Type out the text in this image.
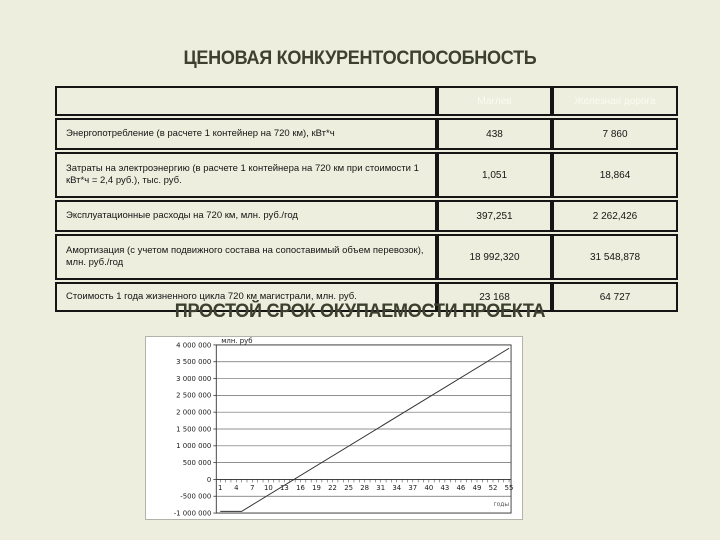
ЦЕНОВАЯ КОНКУРЕНТОСПОСОБНОСТЬ
	Маглев	Железная дорога
Энергопотребление (в расчете 1 контейнер на 720 км), кВт*ч	438	7 860
Затраты на электроэнергию (в расчете 1 контейнера на 720 км при стоимости 1 кВт*ч = 2,4 руб.), тыс. руб.	1,051	18,864
Эксплуатационные расходы на 720 км, млн. руб./год	397,251	2 262,426
Амортизация (с учетом подвижного состава на сопоставимый объем перевозок), млн. руб./год	18 992,320	31 548,878
Стоимость 1 года жизненного цикла 720 км магистрали, млн. руб.	23 168	64 727
ПРОСТОЙ СРОК ОКУПАЕМОСТИ ПРОЕКТА
4 000 000
3 500 000
3 000 000
2 500 000
2 000 000
1 500 000
1 000 000
500 000
0
-500 000
-1 000 000
1 4 7 10 13 16 19 22 25 28 31 34 37 40 43 46 49 52 55
млн. руб
годы
